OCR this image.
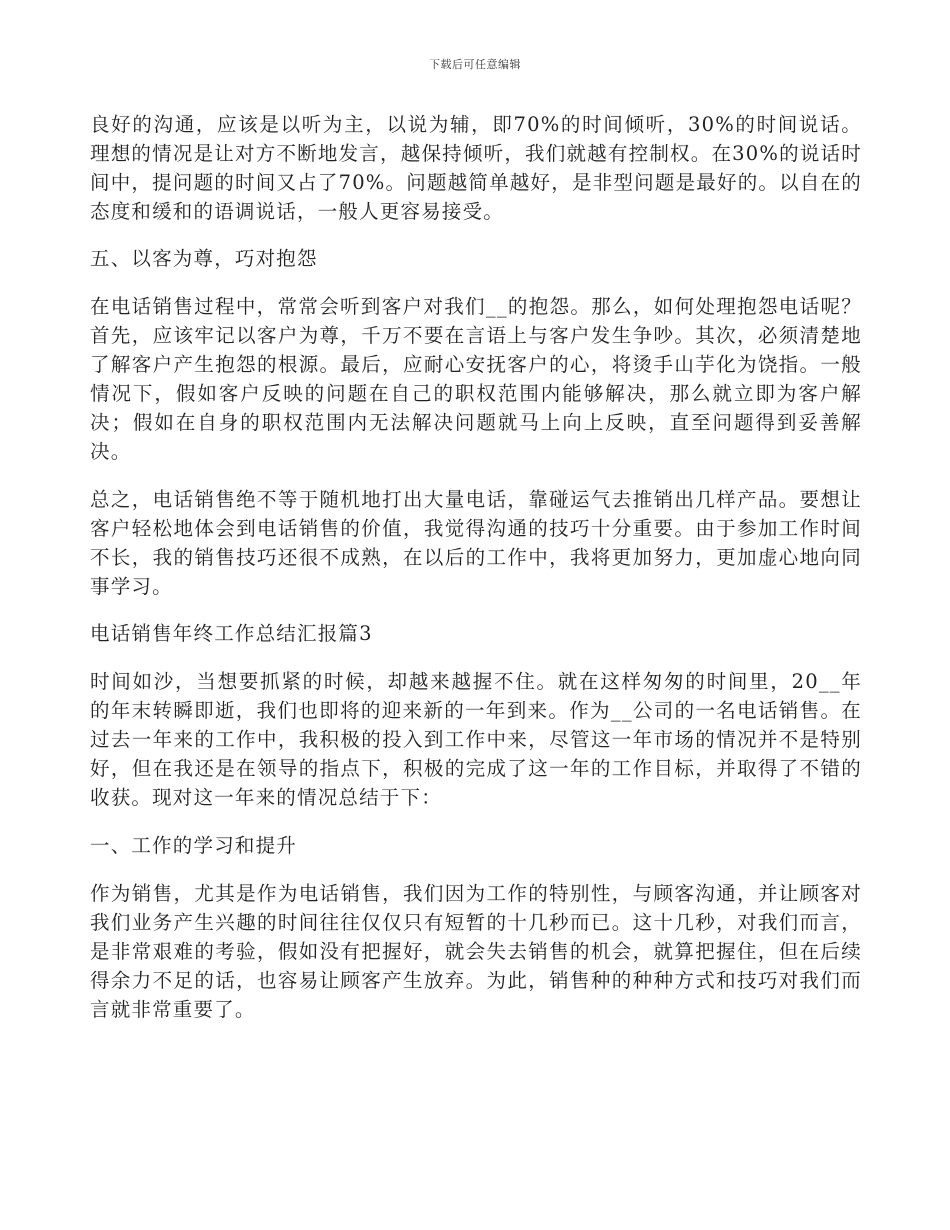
下载后可任意编辑

良好的沟通，应该是以听为主，以说为辅，即70%的时间倾听，30%的时间说话。理想的情况是让对方不断地发言，越保持倾听，我们就越有控制权。在30%的说话时间中，提问题的时间又占了70%。问题越简单越好，是非型问题是最好的。以自在的态度和缓和的语调说话，一般人更容易接受。

五、以客为尊，巧对抱怨

在电话销售过程中，常常会听到客户对我们__的抱怨。那么，如何处理抱怨电话呢？首先，应该牢记以客户为尊，千万不要在言语上与客户发生争吵。其次，必须清楚地了解客户产生抱怨的根源。最后，应耐心安抚客户的心，将烫手山芋化为饶指。一般情况下，假如客户反映的问题在自己的职权范围内能够解决，那么就立即为客户解决；假如在自身的职权范围内无法解决问题就马上向上反映，直至问题得到妥善解决。

总之，电话销售绝不等于随机地打出大量电话，靠碰运气去推销出几样产品。要想让客户轻松地体会到电话销售的价值，我觉得沟通的技巧十分重要。由于参加工作时间不长，我的销售技巧还很不成熟，在以后的工作中，我将更加努力，更加虚心地向同事学习。

电话销售年终工作总结汇报篇3

时间如沙，当想要抓紧的时候，却越来越握不住。就在这样匆匆的时间里，20__年的年末转瞬即逝，我们也即将的迎来新的一年到来。作为__公司的一名电话销售。在过去一年来的工作中，我积极的投入到工作中来，尽管这一年市场的情况并不是特别好，但在我还是在领导的指点下，积极的完成了这一年的工作目标，并取得了不错的收获。现对这一年来的情况总结于下：

一、工作的学习和提升

作为销售，尤其是作为电话销售，我们因为工作的特别性，与顾客沟通，并让顾客对我们业务产生兴趣的时间往往仅仅只有短暂的十几秒而已。这十几秒，对我们而言，是非常艰难的考验，假如没有把握好，就会失去销售的机会，就算把握住，但在后续得余力不足的话，也容易让顾客产生放弃。为此，销售种的种种方式和技巧对我们而言就非常重要了。
